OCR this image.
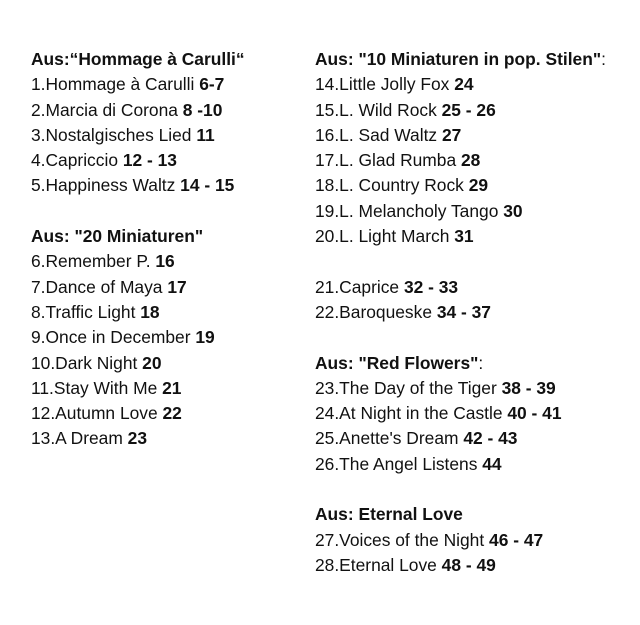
Aus:“Hommage à Carulli“
1.Hommage à Carulli 6-7
2.Marcia di Corona 8 -10
3.Nostalgisches Lied 11
4.Capriccio 12 - 13
5.Happiness Waltz 14 - 15
Aus: "20 Miniaturen"
6.Remember P. 16
7.Dance of Maya 17
8.Traffic Light 18
9.Once in December 19
10.Dark Night 20
11.Stay With Me 21
12.Autumn Love 22
13.A Dream 23
Aus: "10 Miniaturen in pop. Stilen":
14.Little Jolly Fox 24
15.L. Wild Rock 25 - 26
16.L. Sad Waltz 27
17.L. Glad Rumba 28
18.L. Country Rock 29
19.L. Melancholy Tango 30
20.L. Light March 31
21.Caprice 32 - 33
22.Baroqueske 34 - 37
Aus: "Red Flowers":
23.The Day of the Tiger 38 - 39
24.At Night in the Castle 40 - 41
25.Anette's Dream 42 - 43
26.The Angel Listens 44
Aus: Eternal Love
27.Voices of the Night 46 - 47
28.Eternal Love 48 - 49
